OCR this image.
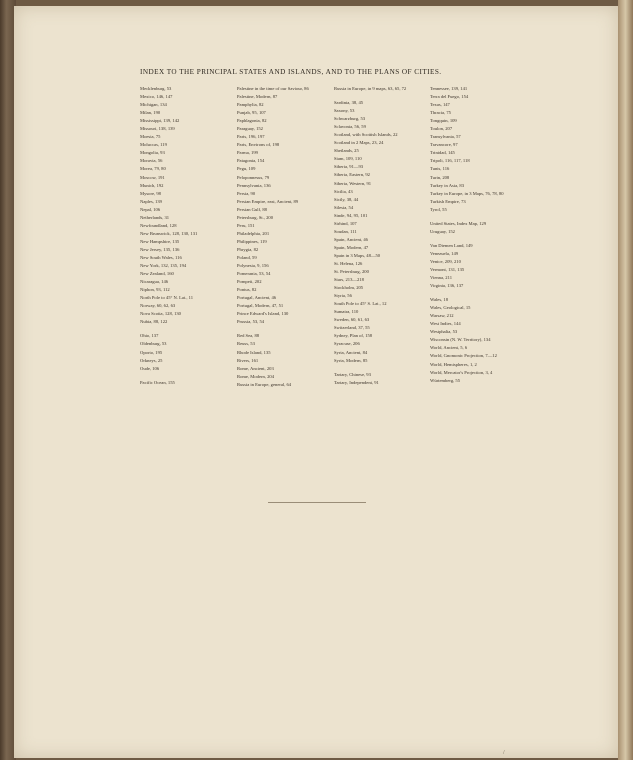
INDEX TO THE PRINCIPAL STATES AND ISLANDS, AND TO THE PLANS OF CITIES.
Mecklenburg, 53
Mexico, 146, 147
Michigan, 134
Milan, 190
Mississippi, 139, 142
Missouri, 138, 139
Moesia, 75
Moluccas, 119
Mongolia, 93
Moravia, 56
Morea, 79, 80
Moscow, 191
Munich, 192
Mysore, 98
Naples, 139
Nepal, 106
Netherlands, 31
Newfoundland, 128
New Brunswick, 128, 130, 131
New Hampshire, 135
New Jersey, 135, 136
New South Wales, 116
New York, 132, 135, 194
New Zealand, 160
Nicaragua, 146
Niphon, 93, 112
North Pole to 45° N. Lat., 11
Norway, 60, 62, 63
Nova Scotia, 128, 130
Nubia, 88, 122
Ohio, 137
Oldenburg, 53
Oporto, 195
Orkneys, 25
Oude, 106
Pacific Ocean, 155
Palestine in the time of our Saviour, 86
Palestine, Modern, 87
Pamphylia, 82
Punjab, 95, 107
Paphlagonia, 82
Paraguay, 152
Paris, 196, 197
Paris, Environs of, 198
Parma, 199
Patagonia, 154
Pegu, 109
Peloponnesus, 79
Pennsylvania, 136
Persia, 90
Persian Empire, east, Ancient, 89
Persian Gulf, 88
Petersburg, St., 200
Peru, 151
Philadelphia, 201
Philippines, 119
Phrygia, 82
Poland, 59
Polynesia, 9, 156
Pomerania, 53, 54
Pompeii, 202
Pontus, 82
Portugal, Ancient, 46
Portugal, Modern, 47, 51
Prince Edward's Island, 130
Prussia, 53, 54
Red Sea, 88
Reuss, 53
Rhode Island, 135
Rivers, 161
Rome, Ancient, 203
Rome, Modern, 204
Russia in Europe, general, 64
Russia in Europe, in 9 maps, 63, 65, 72
Sardinia, 38, 45
Saxony, 53
Schwarzburg, 53
Sclavonia, 56, 59
Scotland, with Scottish Islands, 22
Scotland in 2 Maps, 23, 24
Shetlands, 25
Siam, 109, 110
Siberia, 91—93
Siberia, Eastern, 92
Siberia, Western, 91
Sicilia, 43
Sicily, 38, 44
Silesia, 54
Sinde, 94, 95, 101
Sirhind, 107
Soudan, 111
Spain, Ancient, 46
Spain, Modern, 47
Spain in 3 Maps, 48—50
St. Helena, 126
St. Petersburg, 200
Stars, 213—218
Stockholm, 205
Styria, 56
South Pole to 45° S. Lat., 12
Sumatra, 110
Sweden, 60, 61, 63
Switzerland, 37, 55
Sydney, Plan of, 158
Syracuse, 206
Syria, Ancient, 84
Syria, Modern, 85
Tartary, Chinese, 93
Tartary, Independent, 91
Tennessee, 139, 141
Terra del Fuego, 154
Texas, 147
Thracia, 75
Tongquin, 109
Toulon, 207
Transylvania, 57
Travancore, 97
Trinidad, 145
Tripoli, 116, 117, 118
Tunis, 116
Turin, 208
Turkey in Asia, 83
Turkey in Europe, in 3 Maps, 76, 78, 80
Turkish Empire, 73
Tyrol, 55
United States, Index Map, 129
Uruguay, 152
Van Diemen Land, 149
Venezuela, 149
Venice, 209, 210
Vermont, 131, 135
Vienna, 211
Virginia, 136, 137
Wales, 18
Wales, Geological, 15
Warsaw, 212
West Indies, 144
Westphalia, 53
Wisconsin (N. W. Territory), 134
World, Ancient, 5, 6
World, Gnomonic Projection, 7—12
World, Hemispheres, 1, 2
World, Mercator's Projection, 3, 4
Würtemberg, 55
/
